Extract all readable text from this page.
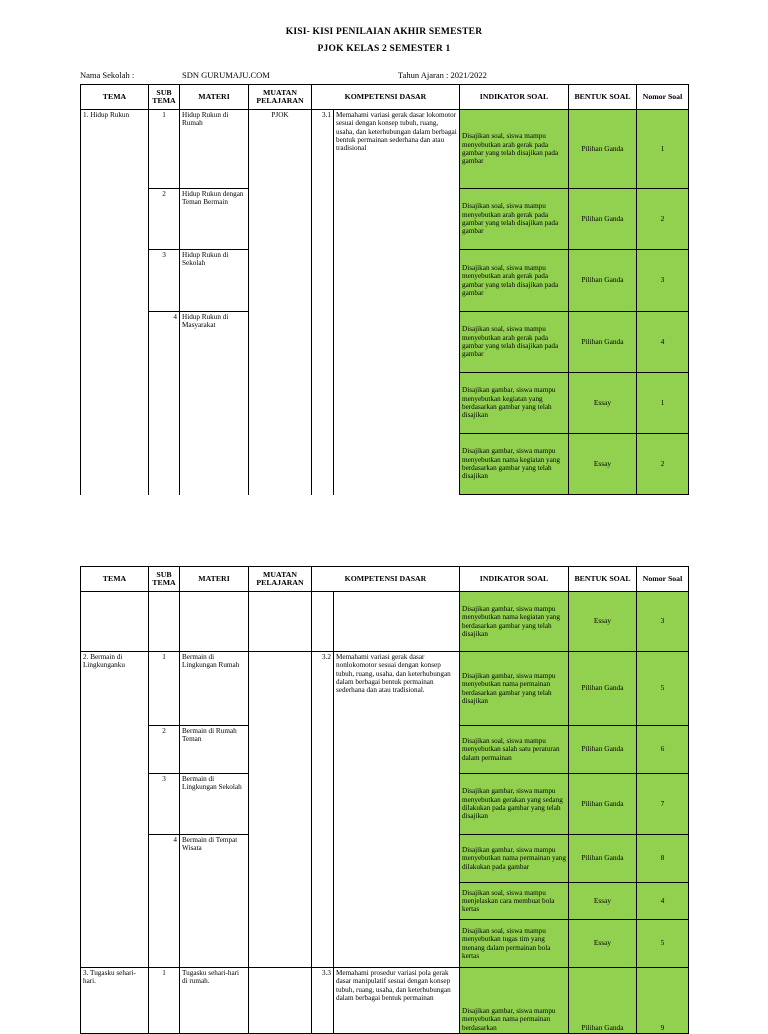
KISI- KISI PENILAIAN AKHIR SEMESTER
PJOK KELAS 2 SEMESTER 1
Nama Sekolah :	SDN GURUMAJU.COM	Tahun Ajaran : 2021/2022
TEMA	SUB TEMA	MATERI	MUATAN PELAJARAN	KOMPETENSI DASAR		INDIKATOR SOAL	BENTUK SOAL	Nomor Soal
1. Hidup Rukun	1	Hidup Rukun di Rumah	PJOK	3.1	Memahami variasi gerak dasar lokomotor sesuai dengan konsep tubuh, ruang, usaha, dan keterhubungan dalam berbagai bentuk permainan sederhana dan atau tradisional	Disajikan soal, siswa mampu menyebutkan arah gerak pada gambar yang telah disajikan pada gambar	Pilihan Ganda	1
	2	Hidup Rukun dengan Teman Bermain				Disajikan soal, siswa mampu menyebutkan arah gerak pada gambar yang telah disajikan pada gambar	Pilihan Ganda	2
	3	Hidup Rukun di Sekolah				Disajikan soal, siswa mampu menyebutkan arah gerak pada gambar yang telah disajikan pada gambar	Pilihan Ganda	3
	4	Hidup Rukun di Masyarakat				Disajikan soal, siswa mampu menyebutkan arah gerak pada gambar yang telah disajikan pada gambar	Pilihan Ganda	4
						Disajikan gambar, siswa mampu menyebutkan kegiatan yang berdasarkan gambar yang telah disajikan	Essay	1
						Disajikan gambar, siswa mampu menyebutkan nama kegiatan yang berdasarkan gambar yang telah disajikan	Essay	2
TEMA	SUB TEMA	MATERI	MUATAN PELAJARAN	KOMPETENSI DASAR		INDIKATOR SOAL	BENTUK SOAL	Nomor Soal
						Disajikan gambar, siswa mampu menyebutkan nama kegiatan yang berdasarkan gambar yang telah disajikan	Essay	3
2. Bermain di Lingkunganku	1	Bermain di Lingkungan Rumah		3.2	Memahami variasi gerak dasar nonlokomotor sesuai dengan konsep tubuh, ruang, usaha, dan keterhubungan dalam berbagai bentuk permainan sederhana dan atau tradisional.	Disajikan gambar, siswa mampu menyebutkan nama permainan berdasarkan gambar yang telah disajikan	Pilihan Ganda	5
	2	Bermain di Rumah Teman				Disajikan soal, siswa mampu menyebutkan salah satu peraturan dalam permainan	Pilihan Ganda	6
	3	Bermain di Lingkungan Sekolah				Disajikan gambar, siswa mampu menyebutkan gerakan yang sedang dilakukan pada gambar yang telah disajikan	Pilihan Ganda	7
	4	Bermain di Tempat Wisata				Disajikan gambar, siswa mampu menyebutkan nama permainan yang dilakukan pada gambar	Pilihan Ganda	8
						Disajikan soal, siswa mampu menjelaskan cara membuat bola kertas	Essay	4
						Disajikan soal, siswa mampu menyebutkan tugas tim yang menang dalam permainan bola kertas	Essay	5
3. Tugasku sehari- hari.	1	Tugasku sehari-hari di rumah.		3.3	Memahami prosedur variasi pola gerak dasar manipulatif sesuai dengan konsep tubuh, ruang, usaha, dan keterhubungan dalam berbagai bentuk permainan	Disajikan gambar, siswa mampu menyebutkan nama permainan berdasarkan	Pilihan Ganda	9
